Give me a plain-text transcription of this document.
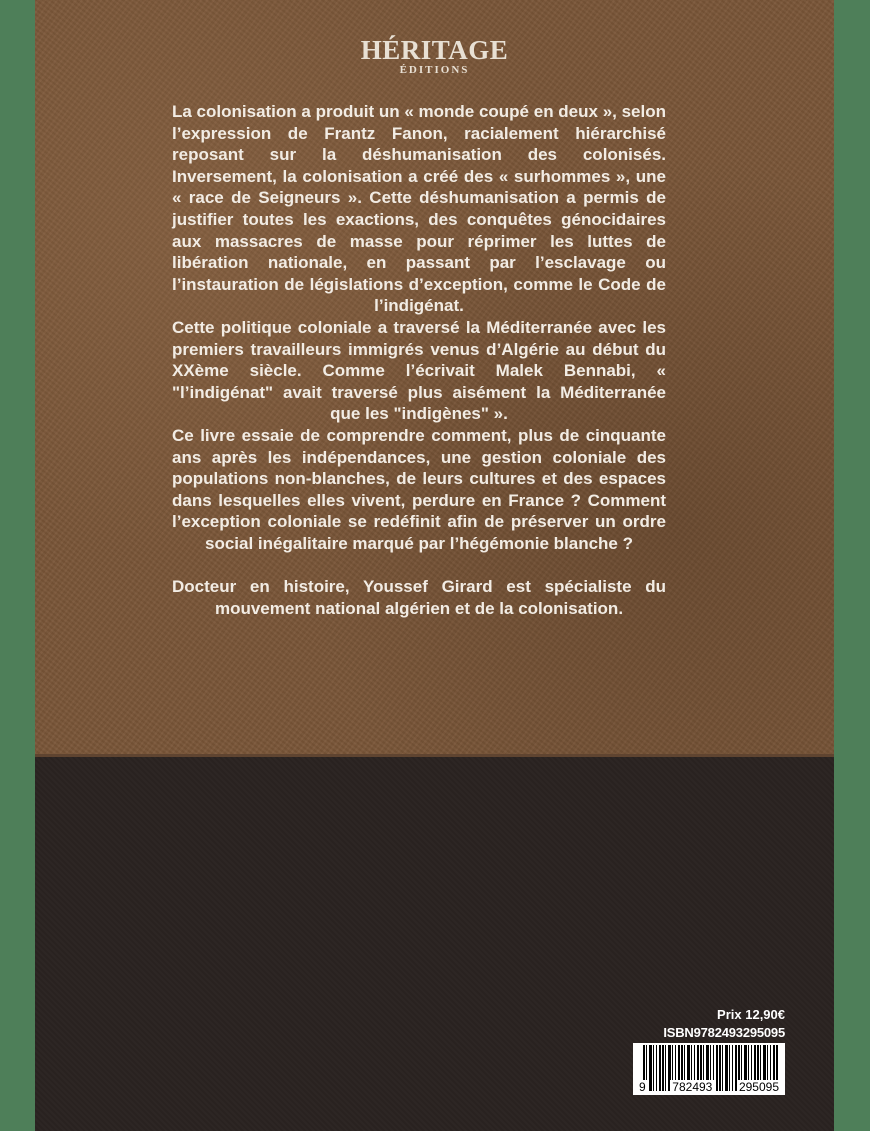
HÉRITAGE
ÉDITIONS

La colonisation a produit un « monde coupé en deux », selon l’expression de Frantz Fanon, racialement hiérarchisé reposant sur la déshumanisation des colonisés. Inversement, la colonisation a créé des « surhommes », une « race de Seigneurs ». Cette déshumanisation a permis de justifier toutes les exactions, des conquêtes génocidaires aux massacres de masse pour réprimer les luttes de libération nationale, en passant par l’esclavage ou l’instauration de législations d’exception, comme le Code de l’indigénat.

Cette politique coloniale a traversé la Méditerranée avec les premiers travailleurs immigrés venus d’Algérie au début du XXème siècle. Comme l’écrivait Malek Bennabi, « "l’indigénat" avait traversé plus aisément la Méditerranée que les "indigènes" ».

Ce livre essaie de comprendre comment, plus de cinquante ans après les indépendances, une gestion coloniale des populations non-blanches, de leurs cultures et des espaces dans lesquelles elles vivent, perdure en France ? Comment l’exception coloniale se redéfinit afin de préserver un ordre social inégalitaire marqué par l’hégémonie blanche ?

Docteur en histoire, Youssef Girard est spécialiste du mouvement national algérien et de la colonisation.

Prix 12,90€
ISBN9782493295095
9 782493 295095
